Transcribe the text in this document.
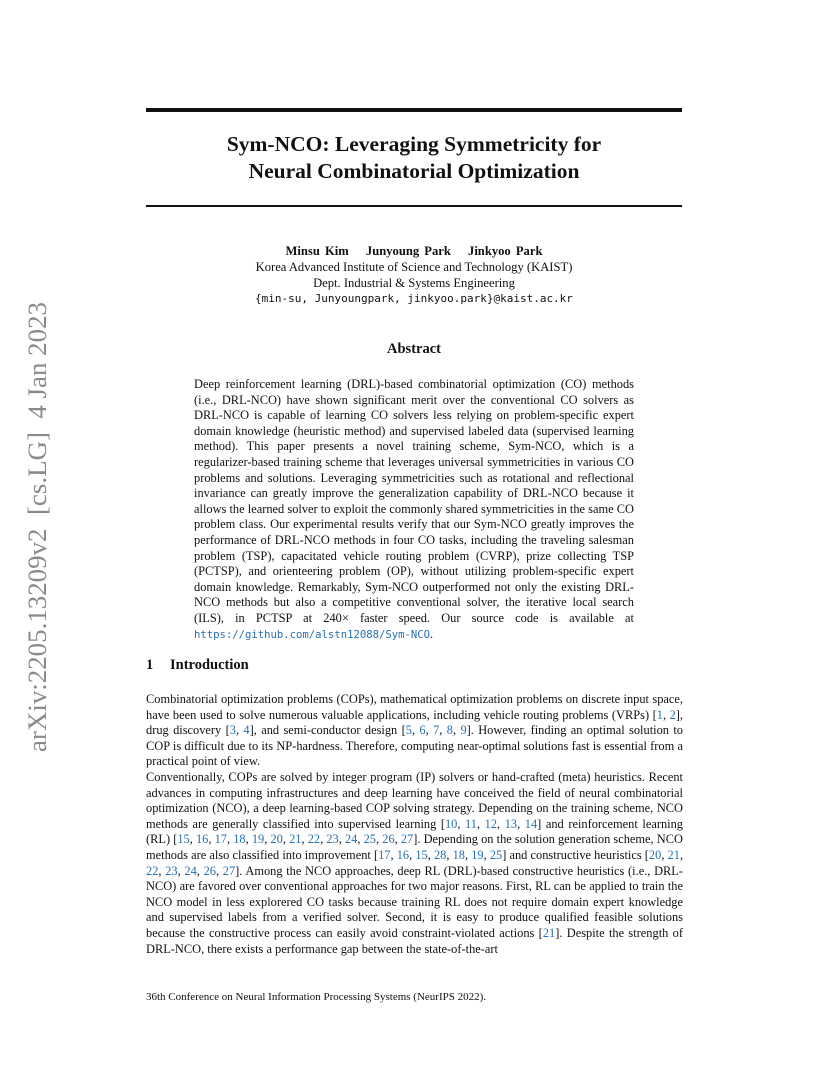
Sym-NCO: Leveraging Symmetricity for
Neural Combinatorial Optimization
Minsu Kim Junyoung Park Jinkyoo Park
Korea Advanced Institute of Science and Technology (KAIST)
Dept. Industrial & Systems Engineering
{min-su, Junyoungpark, jinkyoo.park}@kaist.ac.kr
arXiv:2205.13209v2  [cs.LG]  4 Jan 2023	Abstract

Deep reinforcement learning (DRL)-based combinatorial optimization (CO) methods (i.e., DRL-NCO) have shown significant merit over the conventional CO solvers as DRL-NCO is capable of learning CO solvers less relying on problem-specific expert domain knowledge (heuristic method) and supervised labeled data (supervised learning method). This paper presents a novel training scheme, Sym-NCO, which is a regularizer-based training scheme that leverages universal symmetricities in various CO problems and solutions. Leveraging symmetricities such as rotational and reflectional invariance can greatly improve the generalization capability of DRL-NCO because it allows the learned solver to exploit the commonly shared symmetricities in the same CO problem class. Our experimental results verify that our Sym-NCO greatly improves the performance of DRL-NCO methods in four CO tasks, including the traveling salesman problem (TSP), capacitated vehicle routing problem (CVRP), prize collecting TSP (PCTSP), and orienteering problem (OP), without utilizing problem-specific expert domain knowledge. Remarkably, Sym-NCO outperformed not only the existing DRL-NCO methods but also a competitive conventional solver, the iterative local search (ILS), in PCTSP at 240× faster speed. Our source code is available at https://github.com/alstn12088/Sym-NCO.

1 Introduction

Combinatorial optimization problems (COPs), mathematical optimization problems on discrete input space, have been used to solve numerous valuable applications, including vehicle routing problems (VRPs) [1, 2], drug discovery [3, 4], and semi-conductor design [5, 6, 7, 8, 9]. However, finding an optimal solution to COP is difficult due to its NP-hardness. Therefore, computing near-optimal solutions fast is essential from a practical point of view.

Conventionally, COPs are solved by integer program (IP) solvers or hand-crafted (meta) heuristics. Recent advances in computing infrastructures and deep learning have conceived the field of neural combinatorial optimization (NCO), a deep learning-based COP solving strategy. Depending on the training scheme, NCO methods are generally classified into supervised learning [10, 11, 12, 13, 14] and reinforcement learning (RL) [15, 16, 17, 18, 19, 20, 21, 22, 23, 24, 25, 26, 27]. Depending on the solution generation scheme, NCO methods are also classified into improvement [17, 16, 15, 28, 18, 19, 25] and constructive heuristics [20, 21, 22, 23, 24, 26, 27]. Among the NCO approaches, deep RL (DRL)-based constructive heuristics (i.e., DRL-NCO) are favored over conventional approaches for two major reasons. First, RL can be applied to train the NCO model in less explorered CO tasks because training RL does not require domain expert knowledge and supervised labels from a verified solver. Second, it is easy to produce qualified feasible solutions because the constructive process can easily avoid constraint-violated actions [21]. Despite the strength of DRL-NCO, there exists a performance gap between the state-of-the-art

36th Conference on Neural Information Processing Systems (NeurIPS 2022).
